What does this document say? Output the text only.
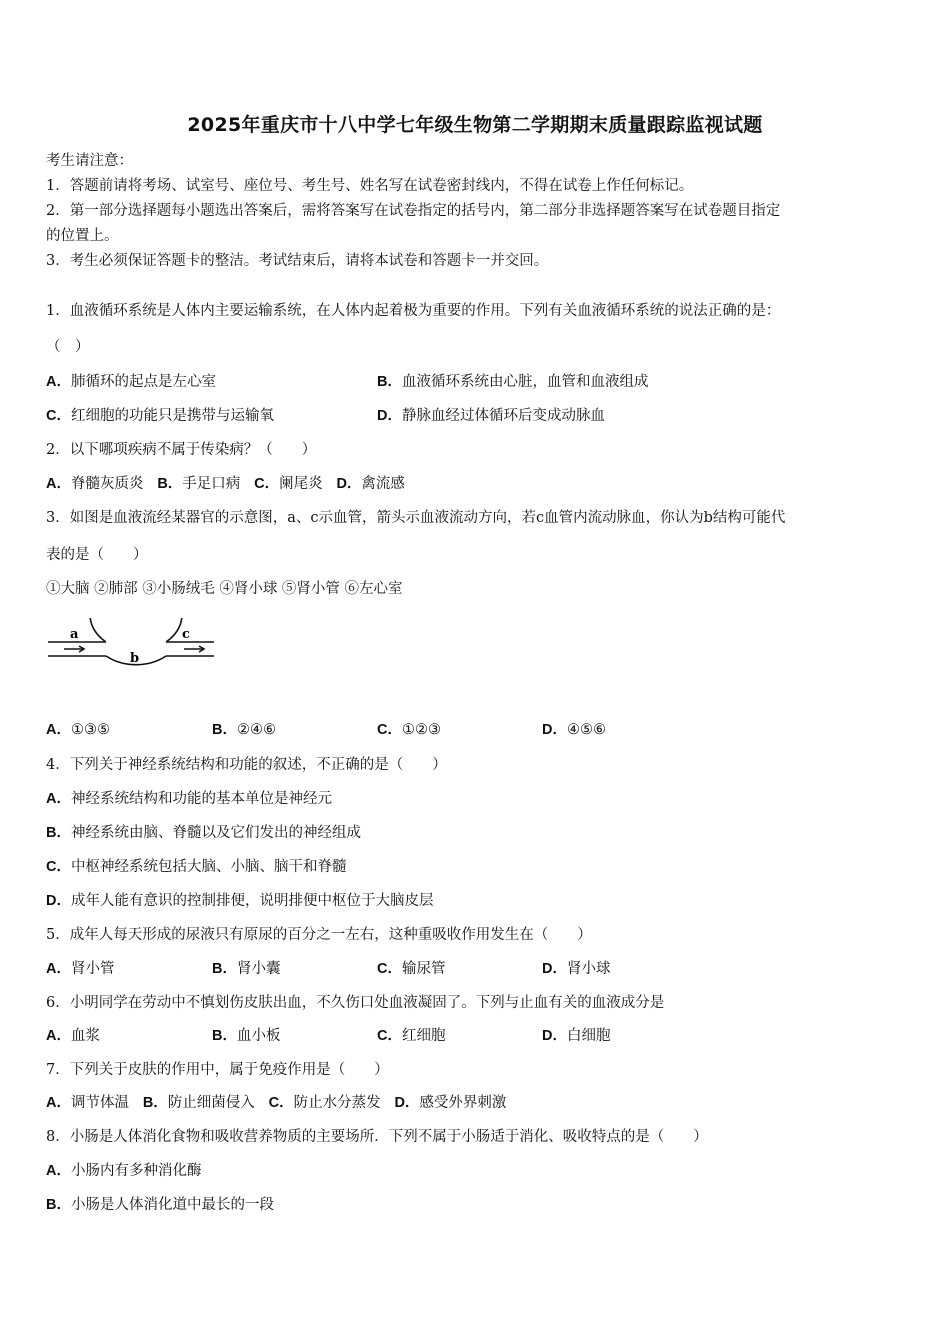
2025年重庆市十八中学七年级生物第二学期期末质量跟踪监视试题
考生请注意：
1．答题前请将考场、试室号、座位号、考生号、姓名写在试卷密封线内，不得在试卷上作任何标记。
2．第一部分选择题每小题选出答案后，需将答案写在试卷指定的括号内，第二部分非选择题答案写在试卷题目指定
的位置上。
3．考生必须保证答题卡的整洁。考试结束后，请将本试卷和答题卡一并交回。
1．血液循环系统是人体内主要运输系统，在人体内起着极为重要的作用。下列有关血液循环系统的说法正确的是：
（　）
A．肺循环的起点是左心室	B．血液循环系统由心脏，血管和血液组成
C．红细胞的功能只是携带与运输氧	D．静脉血经过体循环后变成动脉血
2．以下哪项疾病不属于传染病？（　　）
A．脊髓灰质炎 B．手足口病 C．阑尾炎 D．禽流感
3．如图是血液流经某器官的示意图，a、c示血管，箭头示血液流动方向，若c血管内流动脉血，你认为b结构可能代
表的是（　　）
①大脑 ②肺部 ③小肠绒毛 ④肾小球 ⑤肾小管 ⑥左心室
a
b
c
A．①③⑤	B．②④⑥	C．①②③	D．④⑤⑥
4．下列关于神经系统结构和功能的叙述，不正确的是（　　）
A．神经系统结构和功能的基本单位是神经元
B．神经系统由脑、脊髓以及它们发出的神经组成
C．中枢神经系统包括大脑、小脑、脑干和脊髓
D．成年人能有意识的控制排便，说明排便中枢位于大脑皮层
5．成年人每天形成的尿液只有原尿的百分之一左右，这种重吸收作用发生在（　　）
A．肾小管	B．肾小囊	C．输尿管	D．肾小球
6．小明同学在劳动中不慎划伤皮肤出血，不久伤口处血液凝固了。下列与止血有关的血液成分是
A．血浆	B．血小板	C．红细胞	D．白细胞
7．下列关于皮肤的作用中，属于免疫作用是（　　）
A．调节体温 B．防止细菌侵入 C．防止水分蒸发 D．感受外界刺激
8．小肠是人体消化食物和吸收营养物质的主要场所．下列不属于小肠适于消化、吸收特点的是（　　）
A．小肠内有多种消化酶
B．小肠是人体消化道中最长的一段
